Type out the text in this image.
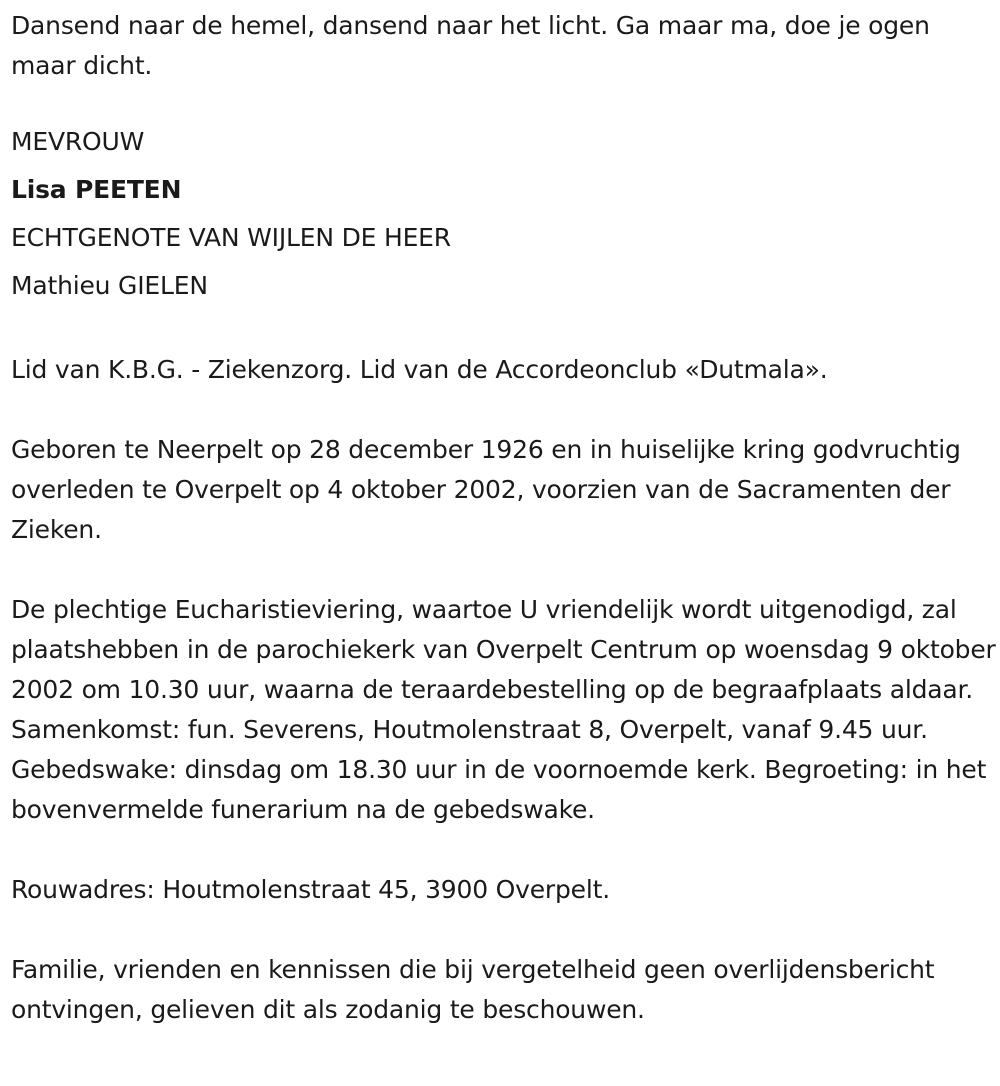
Dansend naar de hemel, dansend naar het licht. Ga maar ma, doe je ogen maar dicht.

MEVROUW

Lisa PEETEN

ECHTGENOTE VAN WIJLEN DE HEER

Mathieu GIELEN

Lid van K.B.G. - Ziekenzorg. Lid van de Accordeonclub «Dutmala».

Geboren te Neerpelt op 28 december 1926 en in huiselijke kring godvruchtig overleden te Overpelt op 4 oktober 2002, voorzien van de Sacramenten der Zieken.

De plechtige Eucharistieviering, waartoe U vriendelijk wordt uitgenodigd, zal plaatshebben in de parochiekerk van Overpelt Centrum op woensdag 9 oktober 2002 om 10.30 uur, waarna de teraardebestelling op de begraafplaats aldaar. Samenkomst: fun. Severens, Houtmolenstraat 8, Overpelt, vanaf 9.45 uur. Gebedswake: dinsdag om 18.30 uur in de voornoemde kerk. Begroeting: in het bovenvermelde funerarium na de gebedswake.

Rouwadres: Houtmolenstraat 45, 3900 Overpelt.

Familie, vrienden en kennissen die bij vergetelheid geen overlijdensbericht ontvingen, gelieven dit als zodanig te beschouwen.
